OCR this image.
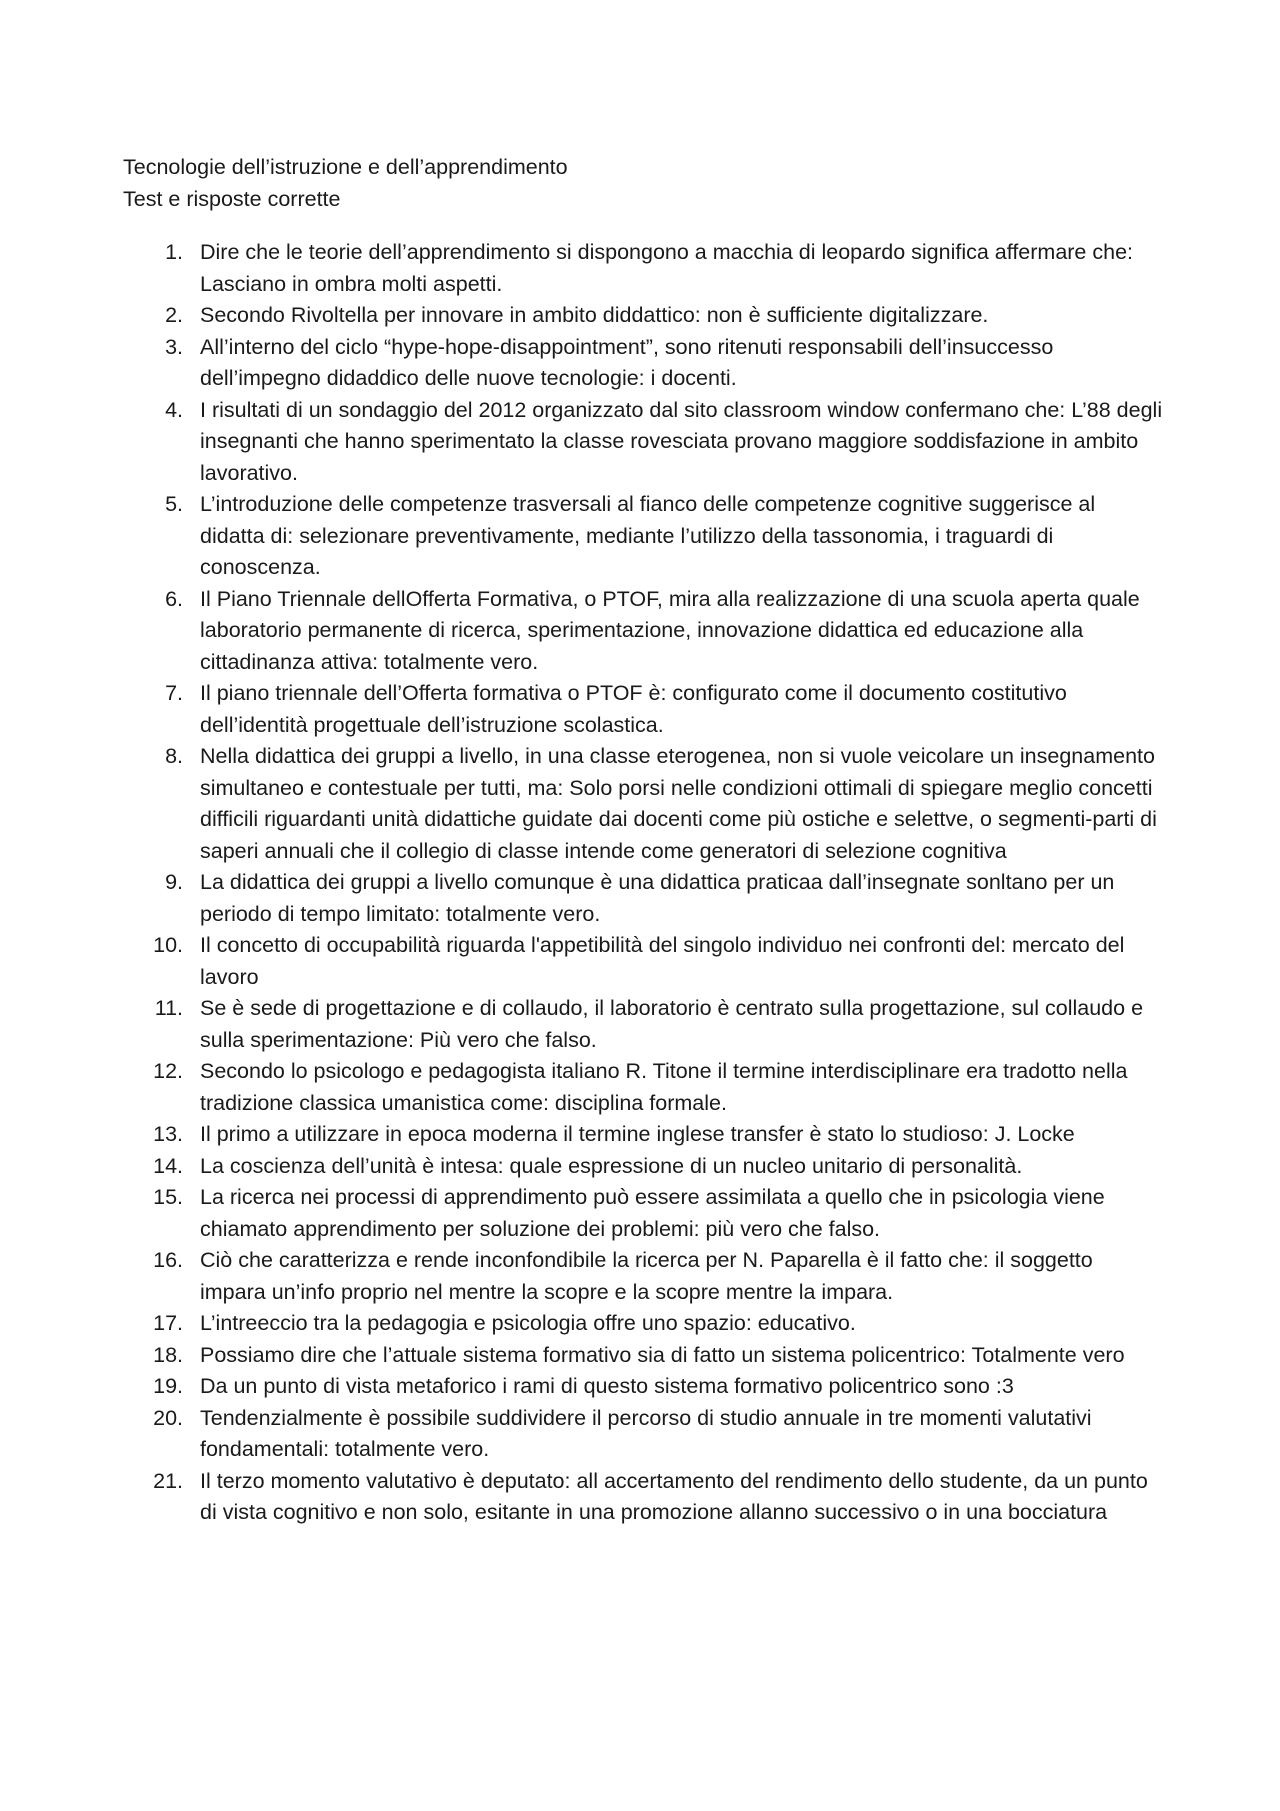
Tecnologie dell’istruzione e dell’apprendimento

Test e risposte corrette

1. Dire che le teorie dell’apprendimento si dispongono a macchia di leopardo significa affermare che: Lasciano in ombra molti aspetti.
2. Secondo Rivoltella per innovare in ambito diddattico: non è sufficiente digitalizzare.
3. All’interno del ciclo “hype-hope-disappointment”, sono ritenuti responsabili dell’insuccesso dell’impegno didaddico delle nuove tecnologie: i docenti.
4. I risultati di un sondaggio del 2012 organizzato dal sito classroom window confermano che: L’88 degli insegnanti che hanno sperimentato la classe rovesciata provano maggiore soddisfazione in ambito lavorativo.
5. L’introduzione delle competenze trasversali al fianco delle competenze cognitive suggerisce al didatta di: selezionare preventivamente, mediante l’utilizzo della tassonomia, i traguardi di conoscenza.
6. Il Piano Triennale dellOfferta Formativa, o PTOF, mira alla realizzazione di una scuola aperta quale laboratorio permanente di ricerca, sperimentazione, innovazione didattica ed educazione alla cittadinanza attiva: totalmente vero.
7. Il piano triennale dell’Offerta formativa o PTOF è: configurato come il documento costitutivo dell’identità progettuale dell’istruzione scolastica.
8. Nella didattica dei gruppi a livello, in una classe eterogenea, non si vuole veicolare un insegnamento simultaneo e contestuale per tutti, ma: Solo porsi nelle condizioni ottimali di spiegare meglio concetti difficili riguardanti unità didattiche guidate dai docenti come più ostiche e selettve, o segmenti-parti di saperi annuali che il collegio di classe intende come generatori di selezione cognitiva
9. La didattica dei gruppi a livello comunque è una didattica praticaa dall’insegnate sonltano per un periodo di tempo limitato: totalmente vero.
10. Il concetto di occupabilità riguarda l'appetibilità del singolo individuo nei confronti del: mercato del lavoro
11. Se è sede di progettazione e di collaudo, il laboratorio è centrato sulla progettazione, sul collaudo e sulla sperimentazione: Più vero che falso.
12. Secondo lo psicologo e pedagogista italiano R. Titone il termine interdisciplinare era tradotto nella tradizione classica umanistica come: disciplina formale.
13. Il primo a utilizzare in epoca moderna il termine inglese transfer è stato lo studioso: J. Locke
14. La coscienza dell’unità è intesa: quale espressione di un nucleo unitario di personalità.
15. La ricerca nei processi di apprendimento può essere assimilata a quello che in psicologia viene chiamato apprendimento per soluzione dei problemi: più vero che falso.
16. Ciò che caratterizza e rende inconfondibile la ricerca per N. Paparella è il fatto che: il soggetto impara un’info proprio nel mentre la scopre e la scopre mentre la impara.
17. L’intreeccio tra la pedagogia e psicologia offre uno spazio: educativo.
18. Possiamo dire che l’attuale sistema formativo sia di fatto un sistema policentrico: Totalmente vero
19. Da un punto di vista metaforico i rami di questo sistema formativo policentrico sono :3
20. Tendenzialmente è possibile suddividere il percorso di studio annuale in tre momenti valutativi fondamentali: totalmente vero.
21. Il terzo momento valutativo è deputato: all accertamento del rendimento dello studente, da un punto di vista cognitivo e non solo, esitante in una promozione allanno successivo o in una bocciatura
